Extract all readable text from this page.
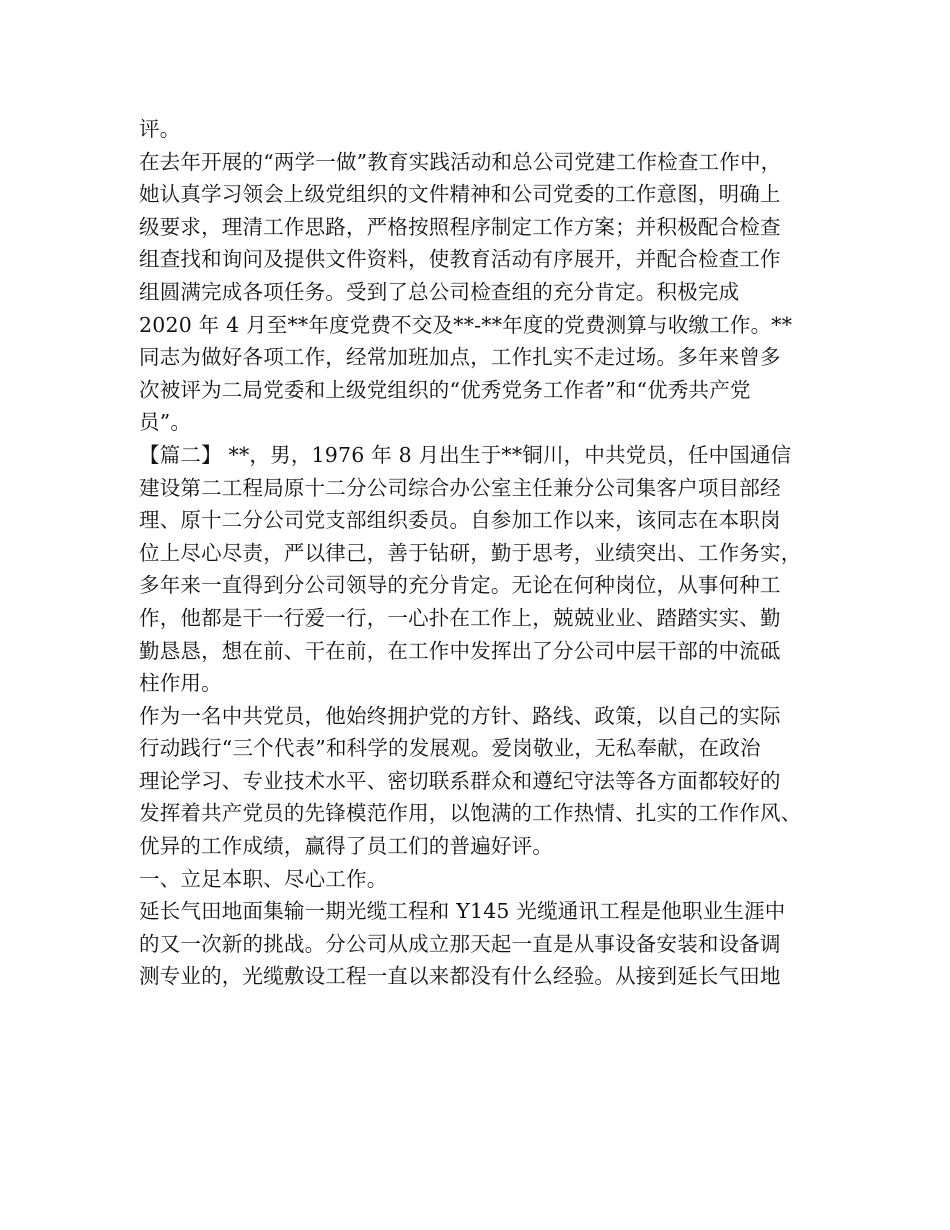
评。
在去年开展的“两学一做”教育实践活动和总公司党建工作检查工作中，
她认真学习领会上级党组织的文件精神和公司党委的工作意图，明确上
级要求，理清工作思路，严格按照程序制定工作方案；并积极配合检查
组查找和询问及提供文件资料，使教育活动有序展开，并配合检查工作
组圆满完成各项任务。受到了总公司检查组的充分肯定。积极完成
2020 年 4 月至**年度党费不交及**-**年度的党费测算与收缴工作。**
同志为做好各项工作，经常加班加点，工作扎实不走过场。多年来曾多
次被评为二局党委和上级党组织的“优秀党务工作者”和“优秀共产党
员”。
【篇二】 **，男，1976 年 8 月出生于**铜川，中共党员，任中国通信
建设第二工程局原十二分公司综合办公室主任兼分公司集客户项目部经
理、原十二分公司党支部组织委员。自参加工作以来，该同志在本职岗
位上尽心尽责，严以律己，善于钻研，勤于思考，业绩突出、工作务实，
多年来一直得到分公司领导的充分肯定。无论在何种岗位，从事何种工
作，他都是干一行爱一行，一心扑在工作上，兢兢业业、踏踏实实、勤
勤恳恳，想在前、干在前，在工作中发挥出了分公司中层干部的中流砥
柱作用。
作为一名中共党员，他始终拥护党的方针、路线、政策，以自己的实际
行动践行“三个代表”和科学的发展观。爱岗敬业，无私奉献，在政治
理论学习、专业技术水平、密切联系群众和遵纪守法等各方面都较好的
发挥着共产党员的先锋模范作用，以饱满的工作热情、扎实的工作作风、
优异的工作成绩，赢得了员工们的普遍好评。
一、立足本职、尽心工作。
延长气田地面集输一期光缆工程和 Y145 光缆通讯工程是他职业生涯中
的又一次新的挑战。分公司从成立那天起一直是从事设备安装和设备调
测专业的，光缆敷设工程一直以来都没有什么经验。从接到延长气田地
